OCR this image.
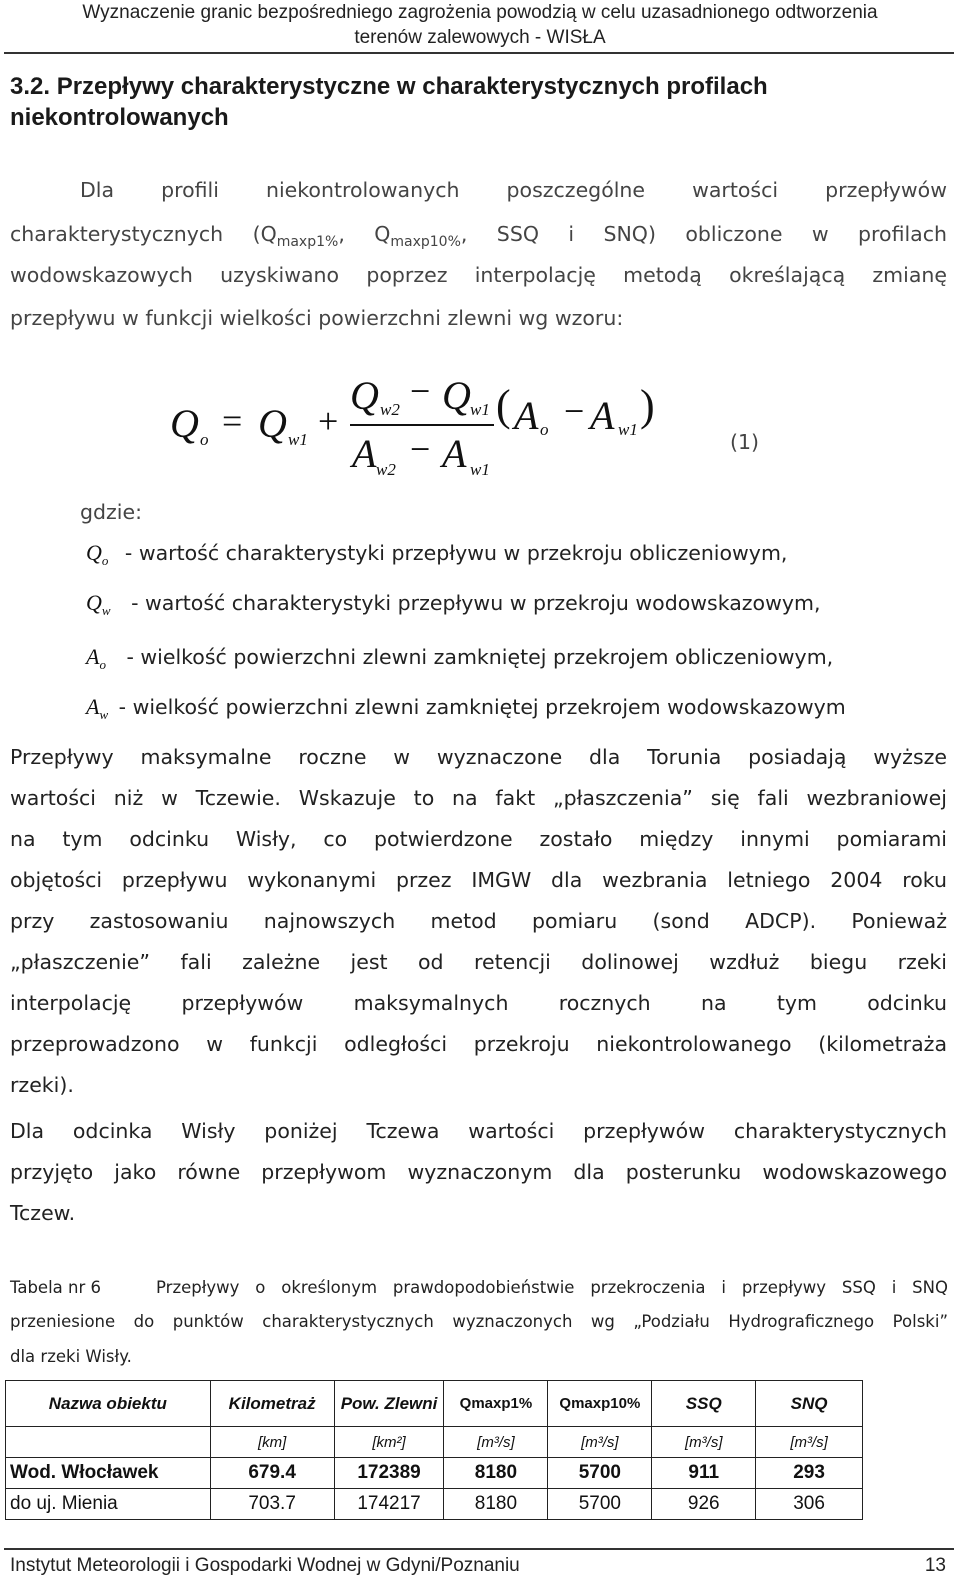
Wyznaczenie granic bezpośredniego zagrożenia powodzią w celu uzasadnionego odtworzenia
terenów zalewowych - WISŁA
3.2. Przepływy charakterystyczne w charakterystycznych profilach
niekontrolowanych
Dla profili niekontrolowanych poszczególne wartości przepływów
charakterystycznych ($Q_{maxp1\%}$, $Q_{maxp10\%}$, SSQ i SNQ) obliczone w profilach
wodowskazowych uzyskiwano poprzez interpolację metodą określającą zmianę
przepływu w funkcji wielkości powierzchni zlewni wg wzoru:
Q o = Q w1 +
Q w2 − Q w1
A w2
− A w1
( A o − A w1 )
(1)
gdzie:
$Q_o$ - wartość charakterystyki przepływu w przekroju obliczeniowym,
$Q_w$ - wartość charakterystyki przepływu w przekroju wodowskazowym,
$A_o$ - wielkość powierzchni zlewni zamkniętej przekrojem obliczeniowym,
$A_w$ - wielkość powierzchni zlewni zamkniętej przekrojem wodowskazowym
Przepływy maksymalne roczne w wyznaczone dla Torunia posiadają wyższe
wartości niż w Tczewie. Wskazuje to na fakt „płaszczenia” się fali wezbraniowej
na tym odcinku Wisły, co potwierdzone zostało między innymi pomiarami
objętości przepływu wykonanymi przez IMGW dla wezbrania letniego 2004 roku
przy zastosowaniu najnowszych metod pomiaru (sond ADCP). Ponieważ
„płaszczenie” fali zależne jest od retencji dolinowej wzdłuż biegu rzeki
interpolację przepływów maksymalnych rocznych na tym odcinku
przeprowadzono w funkcji odległości przekroju niekontrolowanego (kilometraża
rzeki).
Dla odcinka Wisły poniżej Tczewa wartości przepływów charakterystycznych
przyjęto jako równe przepływom wyznaczonym dla posterunku wodowskazowego
Tczew.
Tabela nr 6	Przepływy o określonym prawdopodobieństwie przekroczenia i przepływy SSQ i SNQ
przeniesione do punktów charakterystycznych wyznaczonych wg „Podziału Hydrograficznego Polski”
dla rzeki Wisły.
Nazwa obiektu	Kilometraż	Pow. Zlewni	Qmaxp1%	Qmaxp10%	SSQ	SNQ
	[km]	[km²]	[m³/s]	[m³/s]	[m³/s]	[m³/s]
Wod. Włocławek	679.4	172389	8180	5700	911	293
do uj. Mienia	703.7	174217	8180	5700	926	306
Instytut Meteorologii i Gospodarki Wodnej w Gdyni/Poznaniu	13
